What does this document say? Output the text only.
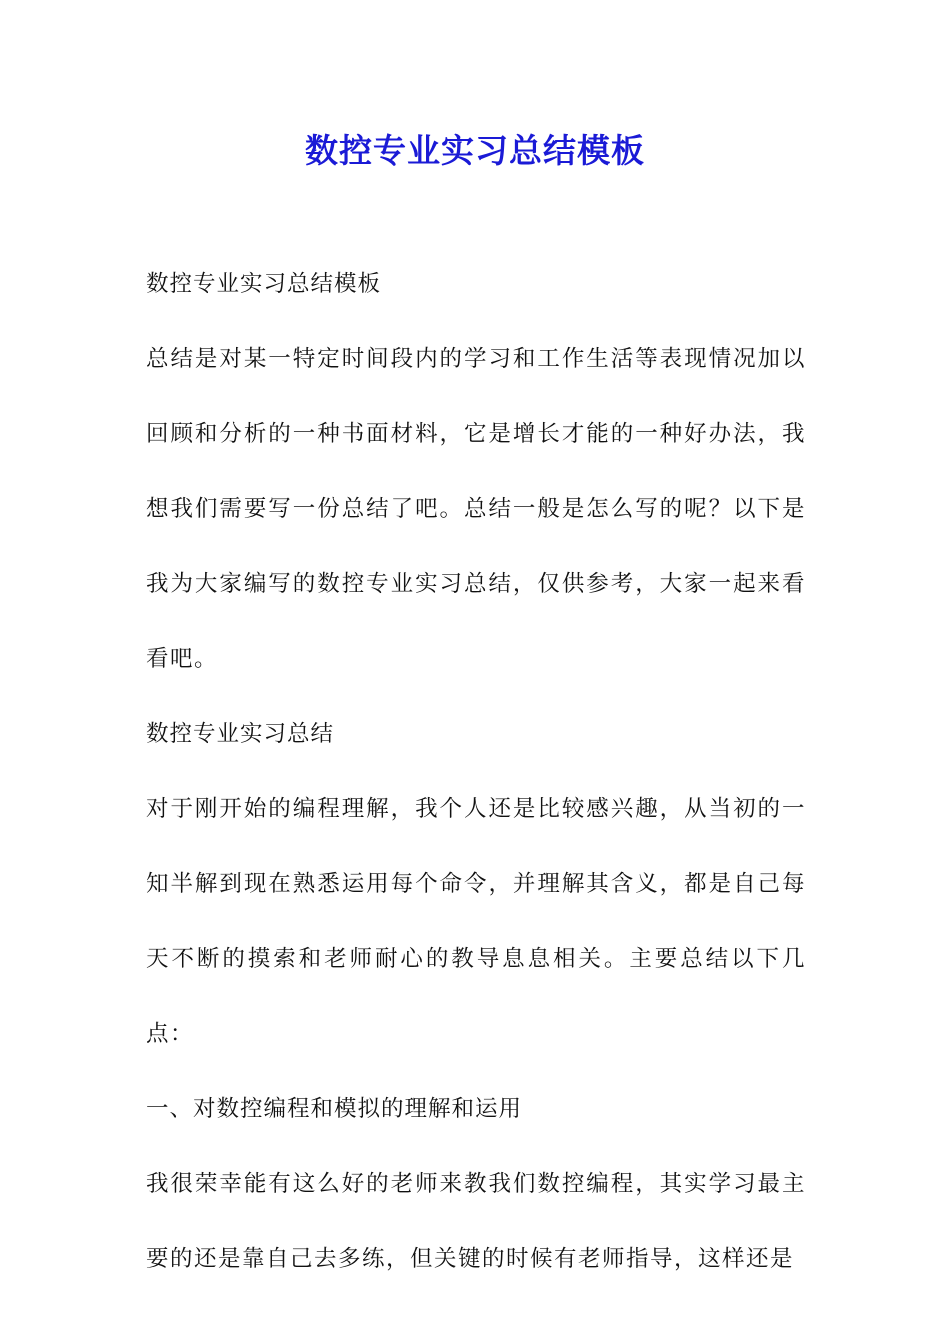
数控专业实习总结模板

数控专业实习总结模板

总结是对某一特定时间段内的学习和工作生活等表现情况加以回顾和分析的一种书面材料，它是增长才能的一种好办法，我想我们需要写一份总结了吧。总结一般是怎么写的呢？以下是我为大家编写的数控专业实习总结，仅供参考，大家一起来看看吧。

数控专业实习总结

对于刚开始的编程理解，我个人还是比较感兴趣，从当初的一知半解到现在熟悉运用每个命令，并理解其含义，都是自己每天不断的摸索和老师耐心的教导息息相关。主要总结以下几点：

一、对数控编程和模拟的理解和运用

我很荣幸能有这么好的老师来教我们数控编程，其实学习最主要的还是靠自己去多练，但关键的时候有老师指导，这样还是
